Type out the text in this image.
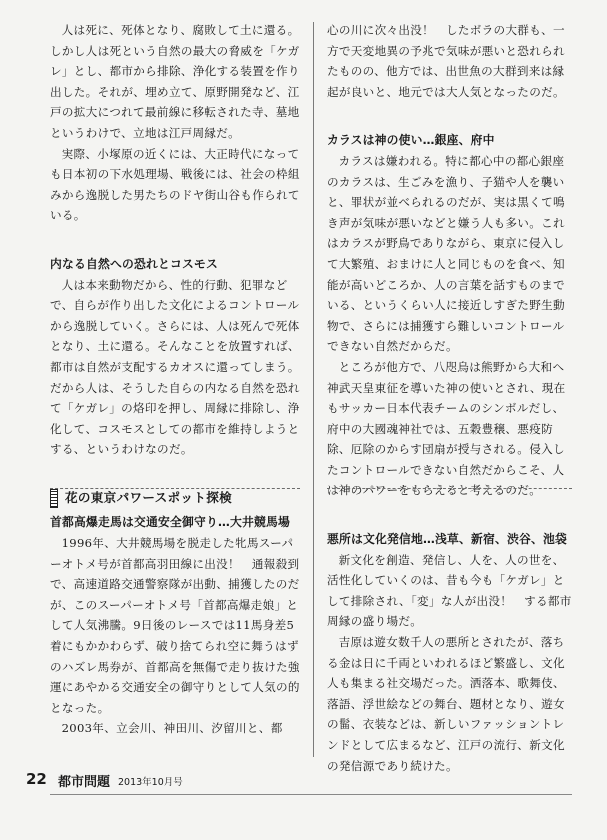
人は死に、死体となり、腐敗して土に還る。しかし人は死という自然の最大の脅威を「ケガレ」とし、都市から排除、浄化する装置を作り出した。それが、埋め立て、原野開発など、江戸の拡大につれて最前線に移転された寺、墓地というわけで、立地は江戸周縁だ。

実際、小塚原の近くには、大正時代になっても日本初の下水処理場、戦後には、社会の枠組みから逸脱した男たちのドヤ街山谷も作られている。

内なる自然への恐れとコスモス

人は本来動物だから、性的行動、犯罪など で、自らが作り出した文化によるコントロールから逸脱していく。さらには、人は死んで死体となり、土に還る。そんなことを放置すれば、都市は自然が支配するカオスに還ってしまう。だから人は、そうした自らの内なる自然を恐れて「ケガレ」の烙印を押し、周縁に排除し、浄化して、コスモスとしての都市を維持しようとする、というわけなのだ。

花の東京パワースポット探検
首都高爆走馬は交通安全御守り…大井競馬場

1996年、大井競馬場を脱走した牝馬スーパーオトメ号が首都高羽田線に出没！　通報殺到で、高速道路交通警察隊が出動、捕獲したのだが、このスーパーオトメ号「首都高爆走娘」として人気沸騰。9日後のレースでは11馬身差5着にもかかわらず、破り捨てられ空に舞うはずのハズレ馬券が、首都高を無傷で走り抜けた強運にあやかる交通安全の御守りとして人気の的となった。

2003年、立会川、神田川、汐留川と、都

心の川に次々出没！　したボラの大群も、一方で天変地異の予兆で気味が悪いと恐れられたものの、他方では、出世魚の大群到来は縁起が良いと、地元では大人気となったのだ。

カラスは神の使い…銀座、府中

カラスは嫌われる。特に都心中の都心銀座のカラスは、生ごみを漁り、子猫や人を襲いと、罪状が並べられるのだが、実は黒くて鳴き声が気味が悪いなどと嫌う人も多い。これはカラスが野鳥でありながら、東京に侵入して大繁殖、おまけに人と同じものを食べ、知能が高いどころか、人の言葉を話すものまでいる、というくらい人に接近しすぎた野生動物で、さらには捕獲すら難しいコントロールできない自然だからだ。

ところが他方で、八咫烏は熊野から大和へ神武天皇東征を導いた神の使いとされ、現在もサッカー日本代表チームのシンボルだし、府中の大國魂神社では、五穀豊穣、悪疫防除、厄除のからす団扇が授与される。侵入したコントロールできない自然だからこそ、人は神のパワーをもらえると考えるのだ。

悪所は文化発信地…浅草、新宿、渋谷、池袋

新文化を創造、発信し、人を、人の世を、活性化していくのは、昔も今も「ケガレ」として排除され、「変」な人が出没！　する都市周縁の盛り場だ。

吉原は遊女数千人の悪所とされたが、落ちる金は日に千両といわれるほど繁盛し、文化人も集まる社交場だった。洒落本、歌舞伎、落語、浮世絵などの舞台、題材となり、遊女の髷、衣装などは、新しいファッショントレンドとして広まるなど、江戸の流行、新文化の発信源であり続けた。

22 都市問題 2013年10月号
